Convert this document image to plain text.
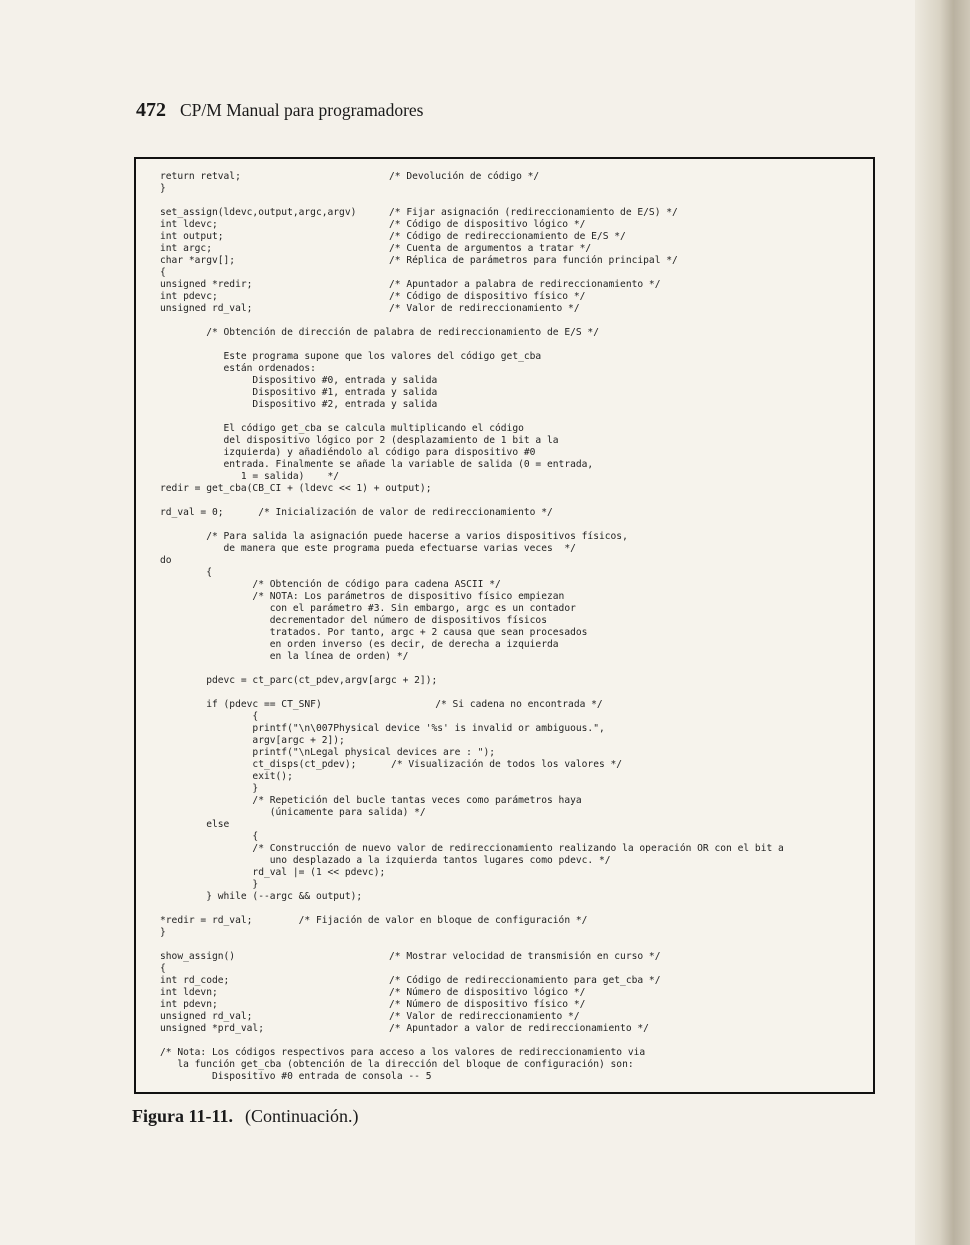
472 CP/M Manual para programadores
return retval;	/* Devolución de código */
}
set_assign(ldevc,output,argc,argv)	/* Fijar asignación (redireccionamiento de E/S) */
int ldevc;	/* Código de dispositivo lógico */
int output;	/* Código de redireccionamiento de E/S */
int argc;	/* Cuenta de argumentos a tratar */
char *argv[];	/* Réplica de parámetros para función principal */
{
unsigned *redir;	/* Apuntador a palabra de redireccionamiento */
int pdevc;	/* Código de dispositivo físico */
unsigned rd_val;	/* Valor de redireccionamiento */
/* Obtención de dirección de palabra de redireccionamiento de E/S */
Este programa supone que los valores del código get_cba
están ordenados:
Dispositivo #0, entrada y salida
Dispositivo #1, entrada y salida
Dispositivo #2, entrada y salida
El código get_cba se calcula multiplicando el código
del dispositivo lógico por 2 (desplazamiento de 1 bit a la
izquierda) y añadiéndolo al código para dispositivo #0
entrada. Finalmente se añade la variable de salida (0 = entrada,
1 = salida)    */
redir = get_cba(CB_CI + (ldevc << 1) + output);
rd_val = 0;      /* Inicialización de valor de redireccionamiento */
/* Para salida la asignación puede hacerse a varios dispositivos físicos,
de manera que este programa pueda efectuarse varias veces  */
do
{
/* Obtención de código para cadena ASCII */
/* NOTA: Los parámetros de dispositivo físico empiezan
con el parámetro #3. Sin embargo, argc es un contador
decrementador del número de dispositivos físicos
tratados. Por tanto, argc + 2 causa que sean procesados
en orden inverso (es decir, de derecha a izquierda
en la línea de orden) */
pdevc = ct_parc(ct_pdev,argv[argc + 2]);
if (pdevc == CT_SNF)	/* Si cadena no encontrada */
{
printf("\n\007Physical device '%s' is invalid or ambiguous.",
argv[argc + 2]);
printf("\nLegal physical devices are : ");
ct_disps(ct_pdev);      /* Visualización de todos los valores */
exit();
}
/* Repetición del bucle tantas veces como parámetros haya
(únicamente para salida) */
else
{
/* Construcción de nuevo valor de redireccionamiento realizando la operación OR con el bit a
uno desplazado a la izquierda tantos lugares como pdevc. */
rd_val |= (1 << pdevc);
}
} while (--argc && output);
*redir = rd_val;        /* Fijación de valor en bloque de configuración */
}
show_assign()	/* Mostrar velocidad de transmisión en curso */
{
int rd_code;	/* Código de redireccionamiento para get_cba */
int ldevn;	/* Número de dispositivo lógico */
int pdevn;	/* Número de dispositivo físico */
unsigned rd_val;	/* Valor de redireccionamiento */
unsigned *prd_val;	/* Apuntador a valor de redireccionamiento */
/* Nota: Los códigos respectivos para acceso a los valores de redireccionamiento via
la función get_cba (obtención de la dirección del bloque de configuración) son:
Dispositivo #0 entrada de consola -- 5
Figura 11-11. (Continuación.)
